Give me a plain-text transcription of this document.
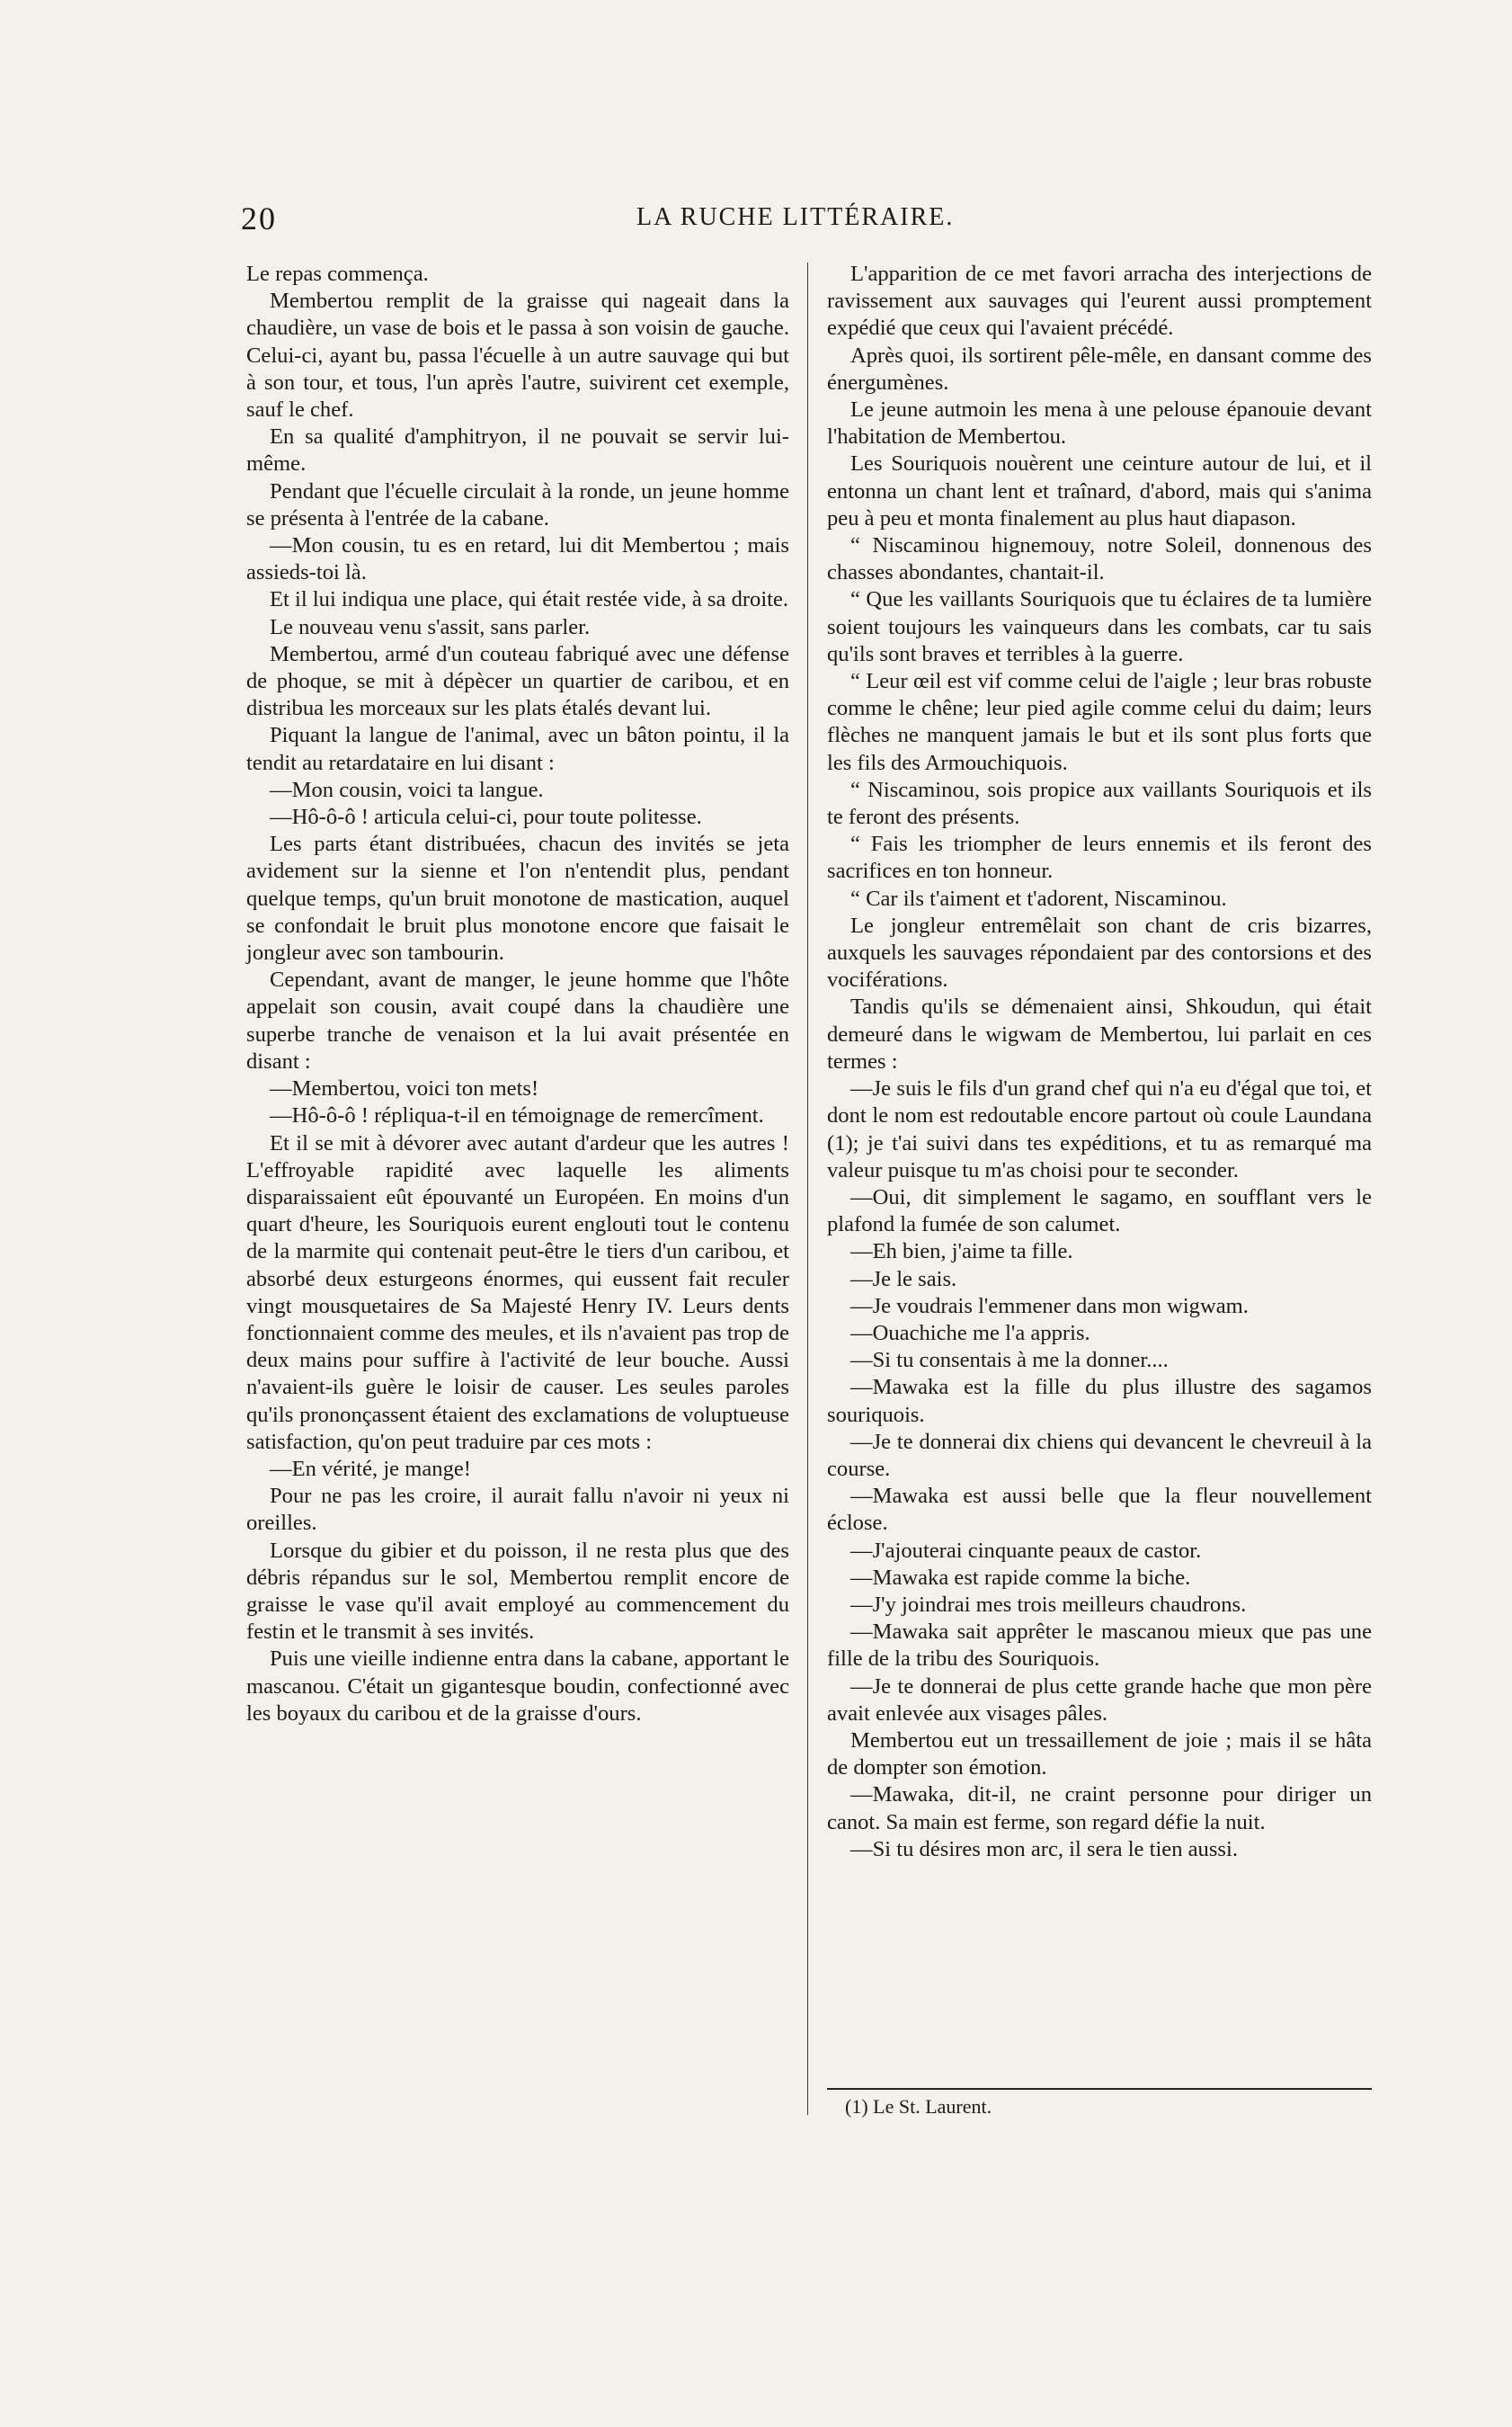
20	LA RUCHE LITTÉRAIRE.

Le repas commença.

Membertou remplit de la graisse qui nageait dans la chaudière, un vase de bois et le passa à son voisin de gauche. Celui-ci, ayant bu, passa l'écuelle à un autre sauvage qui but à son tour, et tous, l'un après l'autre, suivirent cet exemple, sauf le chef.

En sa qualité d'amphitryon, il ne pouvait se servir lui-même.

Pendant que l'écuelle circulait à la ronde, un jeune homme se présenta à l'entrée de la cabane.

—Mon cousin, tu es en retard, lui dit Membertou ; mais assieds-toi là.

Et il lui indiqua une place, qui était restée vide, à sa droite.

Le nouveau venu s'assit, sans parler.

Membertou, armé d'un couteau fabriqué avec une défense de phoque, se mit à dépècer un quartier de caribou, et en distribua les morceaux sur les plats étalés devant lui.

Piquant la langue de l'animal, avec un bâton pointu, il la tendit au retardataire en lui disant :

—Mon cousin, voici ta langue.

—Hô-ô-ô ! articula celui-ci, pour toute politesse.

Les parts étant distribuées, chacun des invités se jeta avidement sur la sienne et l'on n'entendit plus, pendant quelque temps, qu'un bruit monotone de mastication, auquel se confondait le bruit plus monotone encore que faisait le jongleur avec son tambourin.

Cependant, avant de manger, le jeune homme que l'hôte appelait son cousin, avait coupé dans la chaudière une superbe tranche de venaison et la lui avait présentée en disant :

—Membertou, voici ton mets!

—Hô-ô-ô ! répliqua-t-il en témoignage de remercîment.

Et il se mit à dévorer avec autant d'ardeur que les autres ! L'effroyable rapidité avec laquelle les aliments disparaissaient eût épouvanté un Européen. En moins d'un quart d'heure, les Souriquois eurent englouti tout le contenu de la marmite qui contenait peut-être le tiers d'un caribou, et absorbé deux esturgeons énormes, qui eussent fait reculer vingt mousquetaires de Sa Majesté Henry IV. Leurs dents fonctionnaient comme des meules, et ils n'avaient pas trop de deux mains pour suffire à l'activité de leur bouche. Aussi n'avaient-ils guère le loisir de causer. Les seules paroles qu'ils prononçassent étaient des exclamations de voluptueuse satisfaction, qu'on peut traduire par ces mots :

—En vérité, je mange!

Pour ne pas les croire, il aurait fallu n'avoir ni yeux ni oreilles.

Lorsque du gibier et du poisson, il ne resta plus que des débris répandus sur le sol, Membertou remplit encore de graisse le vase qu'il avait employé au commencement du festin et le transmit à ses invités.

Puis une vieille indienne entra dans la cabane, apportant le mascanou. C'était un gigantesque boudin, confectionné avec les boyaux du caribou et de la graisse d'ours.

L'apparition de ce met favori arracha des interjections de ravissement aux sauvages qui l'eurent aussi promptement expédié que ceux qui l'avaient précédé.

Après quoi, ils sortirent pêle-mêle, en dansant comme des énergumènes.

Le jeune autmoin les mena à une pelouse épanouie devant l'habitation de Membertou.

Les Souriquois nouèrent une ceinture autour de lui, et il entonna un chant lent et traînard, d'abord, mais qui s'anima peu à peu et monta finalement au plus haut diapason.

“ Niscaminou hignemouy, notre Soleil, donnenous des chasses abondantes, chantait-il.

“ Que les vaillants Souriquois que tu éclaires de ta lumière soient toujours les vainqueurs dans les combats, car tu sais qu'ils sont braves et terribles à la guerre.

“ Leur œil est vif comme celui de l'aigle ; leur bras robuste comme le chêne; leur pied agile comme celui du daim; leurs flèches ne manquent jamais le but et ils sont plus forts que les fils des Armouchiquois.

“ Niscaminou, sois propice aux vaillants Souriquois et ils te feront des présents.

“ Fais les triompher de leurs ennemis et ils feront des sacrifices en ton honneur.

“ Car ils t'aiment et t'adorent, Niscaminou.

Le jongleur entremêlait son chant de cris bizarres, auxquels les sauvages répondaient par des contorsions et des vociférations.

Tandis qu'ils se démenaient ainsi, Shkoudun, qui était demeuré dans le wigwam de Membertou, lui parlait en ces termes :

—Je suis le fils d'un grand chef qui n'a eu d'égal que toi, et dont le nom est redoutable encore partout où coule Laundana (1); je t'ai suivi dans tes expéditions, et tu as remarqué ma valeur puisque tu m'as choisi pour te seconder.

—Oui, dit simplement le sagamo, en soufflant vers le plafond la fumée de son calumet.

—Eh bien, j'aime ta fille.

—Je le sais.

—Je voudrais l'emmener dans mon wigwam.

—Ouachiche me l'a appris.

—Si tu consentais à me la donner....

—Mawaka est la fille du plus illustre des sagamos souriquois.

—Je te donnerai dix chiens qui devancent le chevreuil à la course.

—Mawaka est aussi belle que la fleur nouvellement éclose.

—J'ajouterai cinquante peaux de castor.

—Mawaka est rapide comme la biche.

—J'y joindrai mes trois meilleurs chaudrons.

—Mawaka sait apprêter le mascanou mieux que pas une fille de la tribu des Souriquois.

—Je te donnerai de plus cette grande hache que mon père avait enlevée aux visages pâles.

Membertou eut un tressaillement de joie ; mais il se hâta de dompter son émotion.

—Mawaka, dit-il, ne craint personne pour diriger un canot. Sa main est ferme, son regard défie la nuit.

—Si tu désires mon arc, il sera le tien aussi.

(1) Le St. Laurent.
